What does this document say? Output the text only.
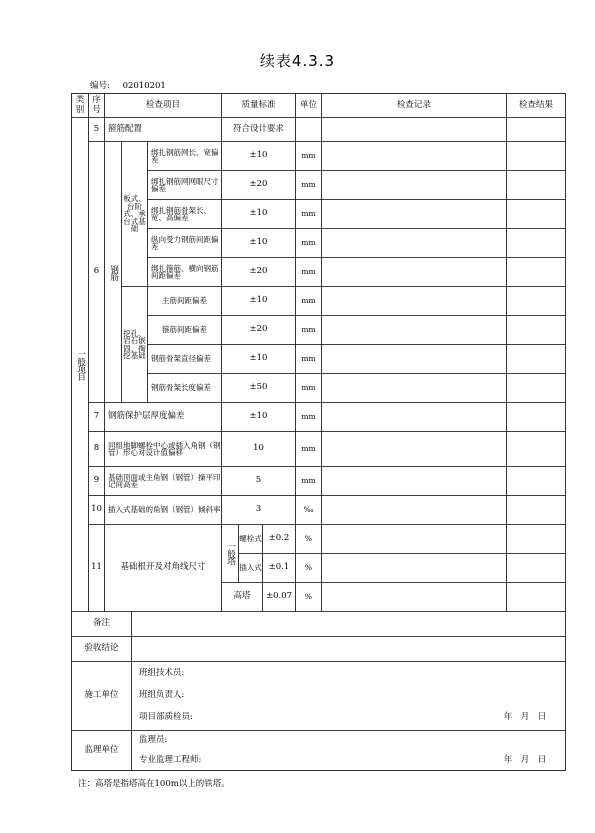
续表4.3.3
编号: 02010201
类别
序号	检查项目	质量标准	单位	检查记录	检查结果
一般项目
5	箍筋配置	符合设计要求
6	钢筋
板式、台阶式、承台式基础
挖孔、岩石嵌固、掏挖基础
绑扎钢筋网长、宽偏差	±10	mm
绑扎钢筋网网眼尺寸偏差	±20	mm
绑扎钢筋骨架长、宽、高偏差	±10	mm
纵向受力钢筋间距偏差	±10	mm
绑扎箍筋、横向钢筋间距偏差	±20	mm
主筋间距偏差	±10	mm
箍筋间距偏差	±20	mm
钢筋骨架直径偏差	±10	mm
钢筋骨架长度偏差	±50	mm
7	钢筋保护层厚度偏差	±10	mm
8	同组地脚螺栓中心或插入角钢（钢管）形心对设计值偏移	10	mm
9	基础顶面或主角钢（钢管）操平印记间高差	5	mm
10 插入式基础的角钢（钢管）倾斜率	3	‰
11	基础根开及对角线尺寸
一般塔
螺栓式 ±0.2	%
插入式 ±0.1	%
高塔	±0.07	%
备注
验收结论
施工单位
班组技术员:
班组负责人:
项目部质检员:	年　月　日
监理单位
监理员:
专业监理工程师:	年　月　日
注：高塔是指塔高在100m以上的铁塔。
